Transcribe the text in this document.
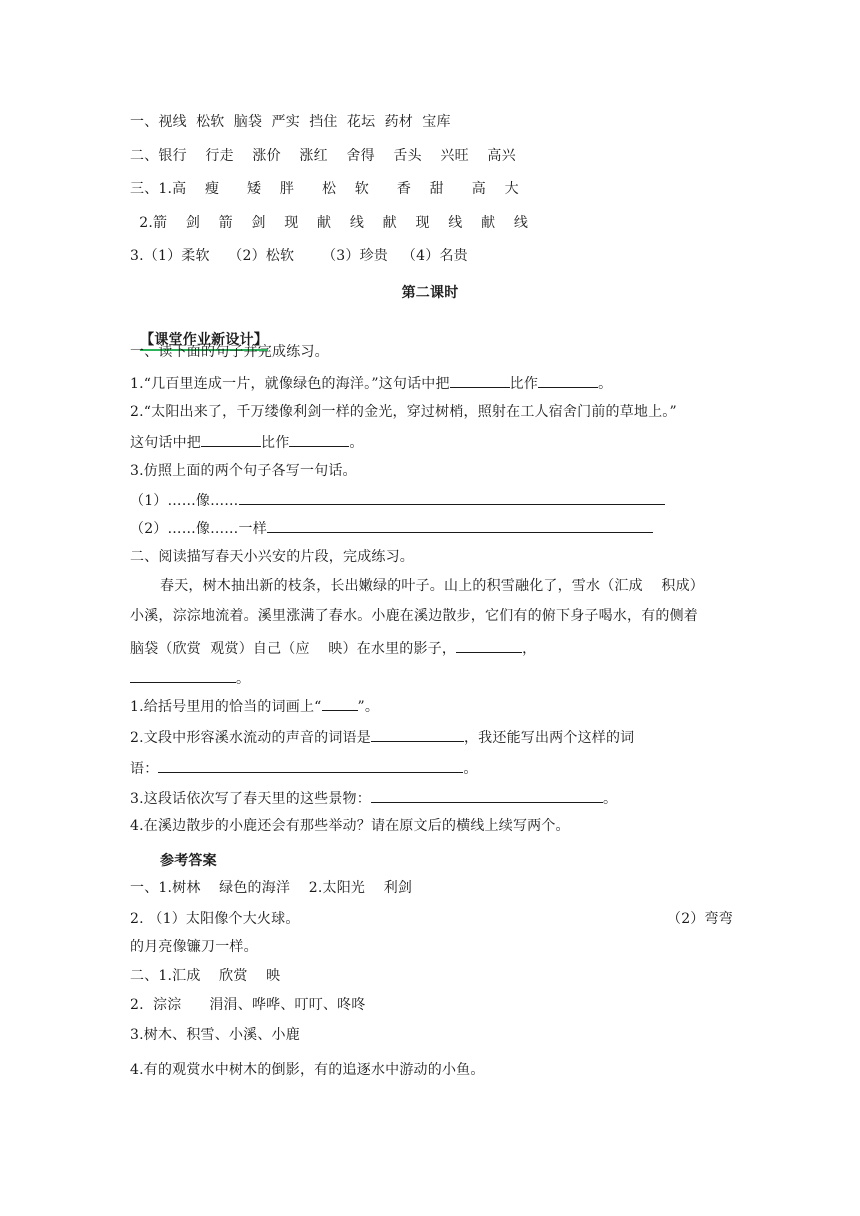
一、视线  松软  脑袋  严实  挡住  花坛  药材  宝库
二、银行    行走    涨价    涨红    舍得    舌头    兴旺    高兴
三、1.高    瘦      矮    胖      松    软      香    甜      高    大
2.箭    剑    箭    剑    现    献    线    献    现    线    献    线
3.（1）柔软    （2）松软      （3）珍贵   （4）名贵
第二课时

【课堂作业新设计】

一、读下面的句子并完成练习。
1.“几百里连成一片，就像绿色的海洋。”这句话中把	比作	。
2.“太阳出来了，千万缕像利剑一样的金光，穿过树梢，照射在工人宿舍门前的草地上。”
这句话中把	比作	。
3.仿照上面的两个句子各写一句话。
（1）……像……
（2）……像……一样
二、阅读描写春天小兴安的片段，完成练习。
春天，树木抽出新的枝条，长出嫩绿的叶子。山上的积雪融化了，雪水（汇成    积成）
小溪，淙淙地流着。溪里涨满了春水。小鹿在溪边散步，它们有的俯下身子喝水，有的侧着
脑袋（欣赏  观赏）自己（应    映）在水里的影子，	，
。
1.给括号里用的恰当的词画上“	”。
2.文段中形容溪水流动的声音的词语是	，我还能写出两个这样的词
语：	。
3.这段话依次写了春天里的这些景物：	。
4.在溪边散步的小鹿还会有那些举动？请在原文后的横线上续写两个。
参考答案
一、1.树林    绿色的海洋    2.太阳光    利剑
2. （1）太阳像个大火球。	（2）弯弯
的月亮像镰刀一样。
二、1.汇成    欣赏    映
2.  淙淙      涓涓、哗哗、叮叮、咚咚
3.树木、积雪、小溪、小鹿
4.有的观赏水中树木的倒影，有的追逐水中游动的小鱼。
